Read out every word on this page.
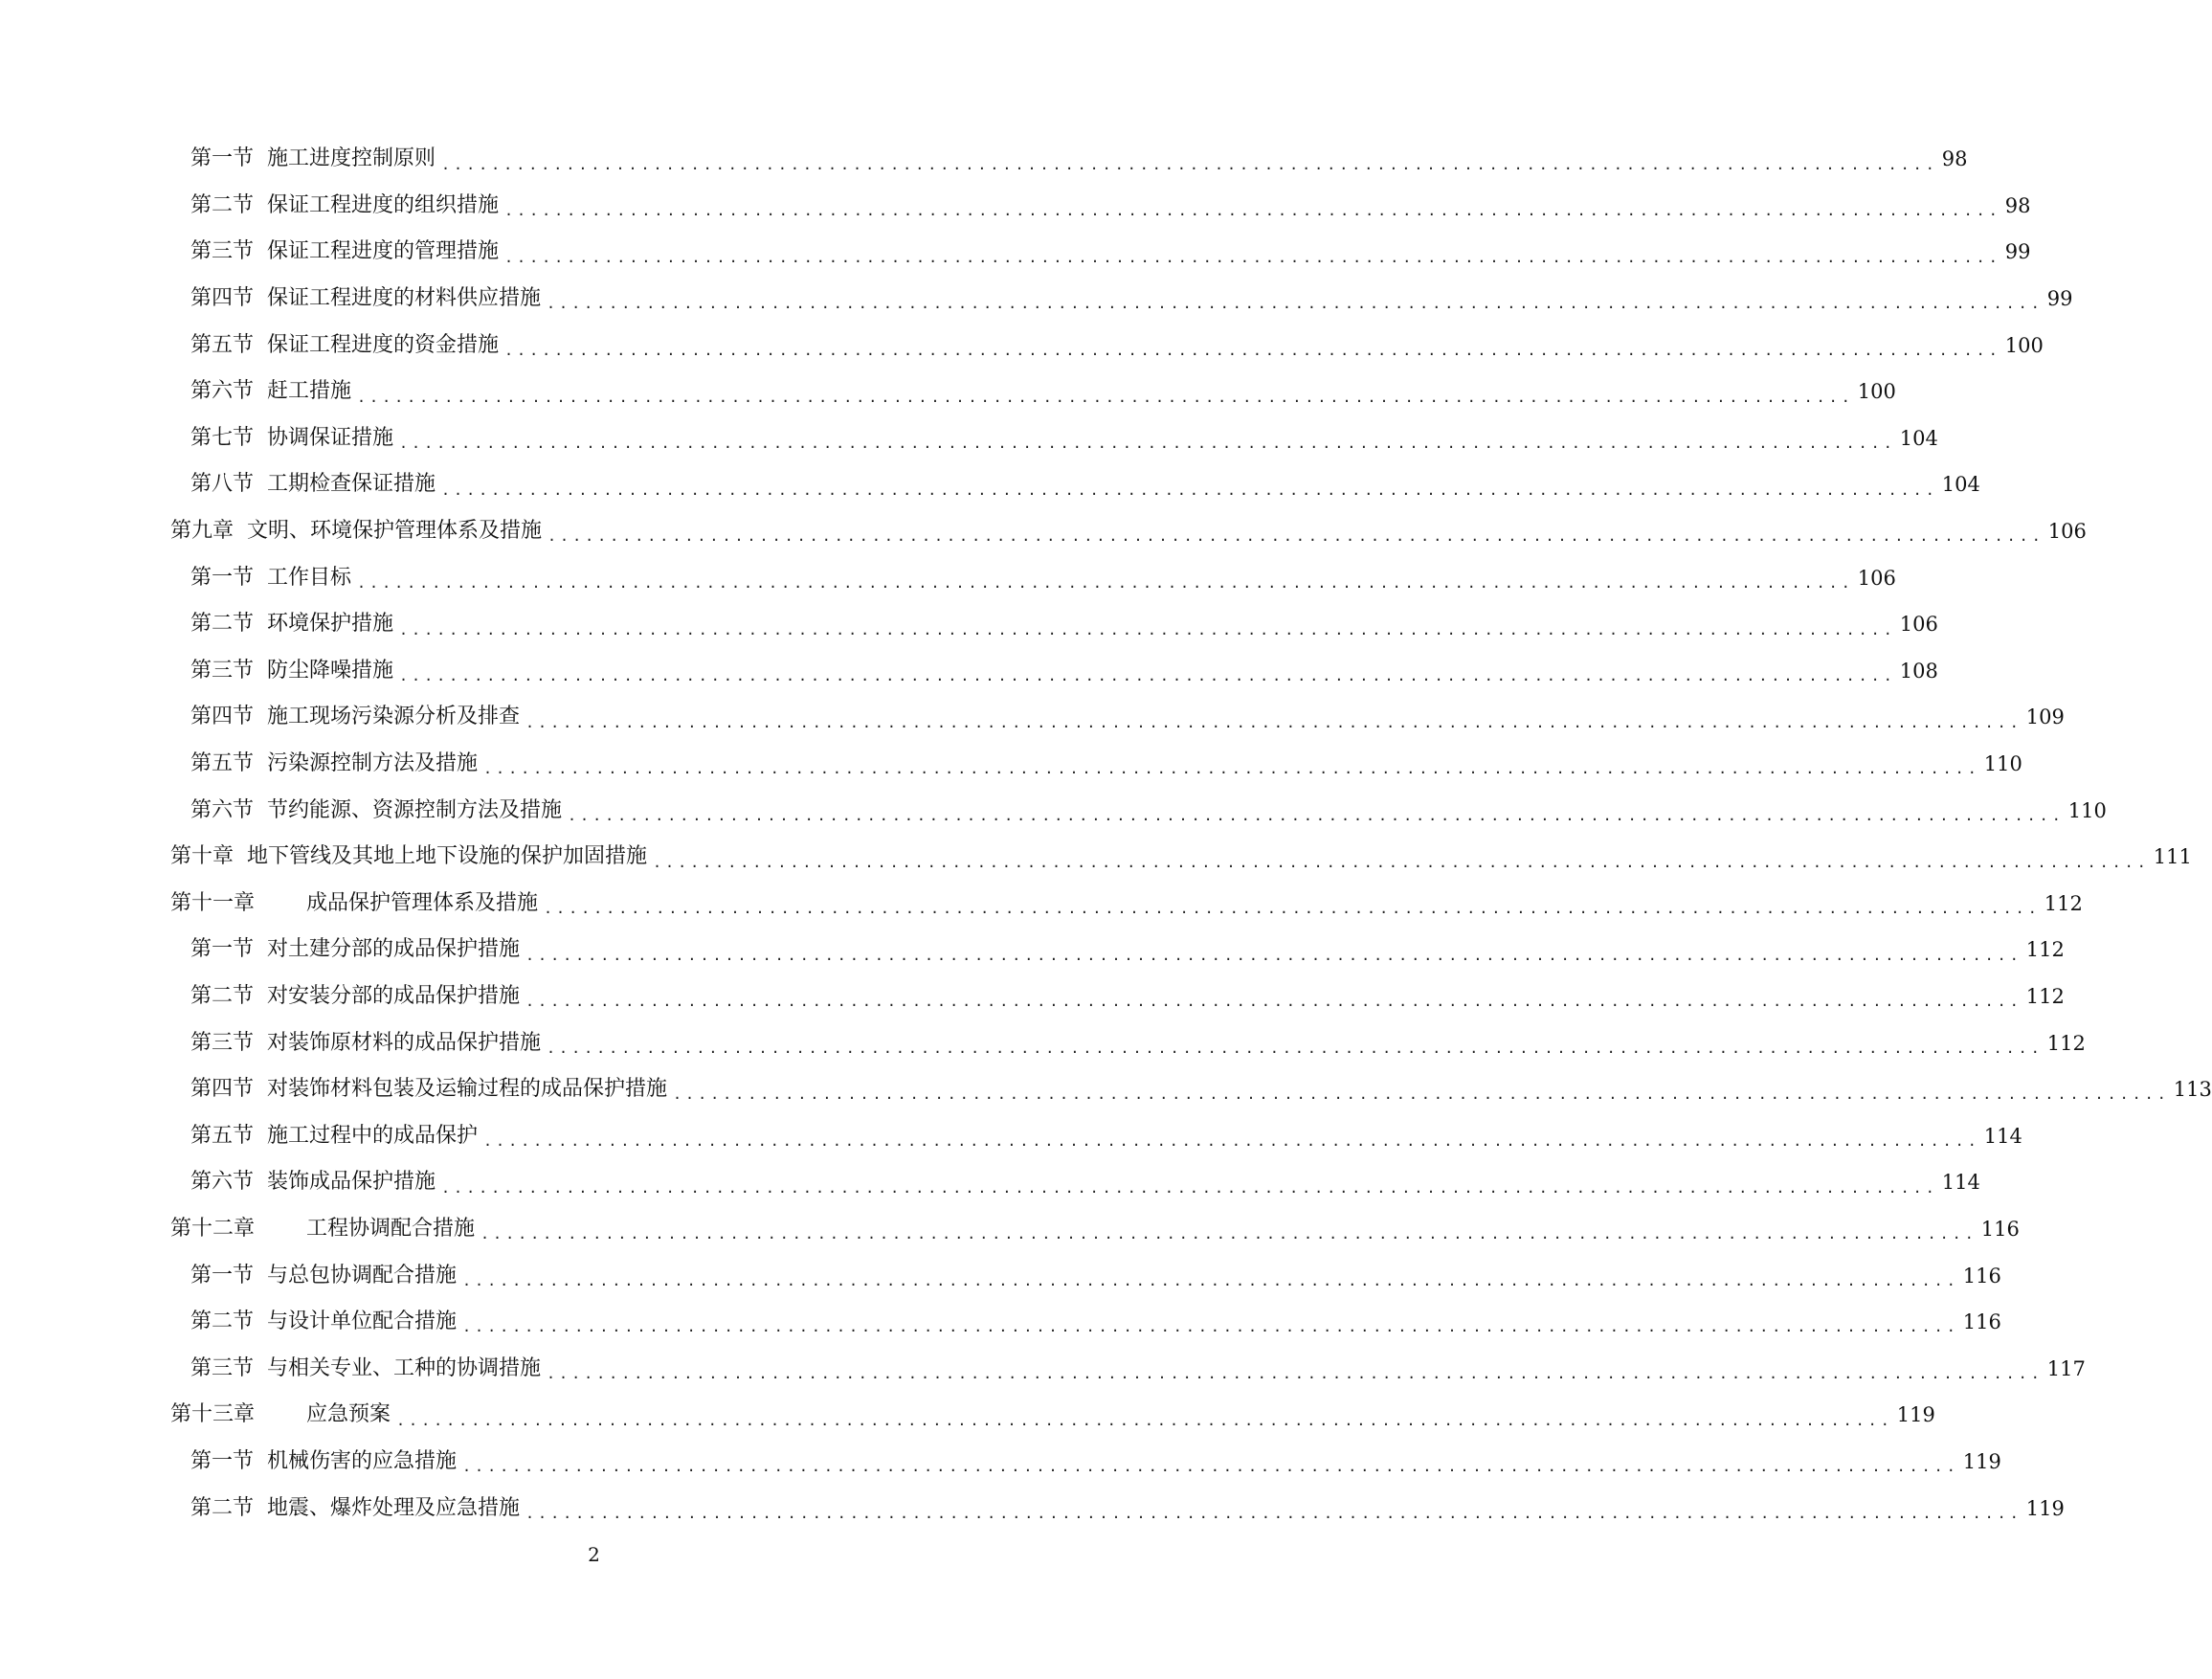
第一节 施工进度控制原则 ........................................................................................................................ 98
第二节 保证工程进度的组织措施 ........................................................................................................................ 98
第三节 保证工程进度的管理措施 ........................................................................................................................ 99
第四节 保证工程进度的材料供应措施 ........................................................................................................................ 99
第五节 保证工程进度的资金措施 ........................................................................................................................ 100
第六节 赶工措施 ........................................................................................................................ 100
第七节 协调保证措施 ........................................................................................................................ 104
第八节 工期检查保证措施 ........................................................................................................................ 104
第九章 文明、环境保护管理体系及措施 ........................................................................................................................ 106
第一节 工作目标 ........................................................................................................................ 106
第二节 环境保护措施 ........................................................................................................................ 106
第三节 防尘降噪措施 ........................................................................................................................ 108
第四节 施工现场污染源分析及排查 ........................................................................................................................ 109
第五节 污染源控制方法及措施 ........................................................................................................................ 110
第六节 节约能源、资源控制方法及措施 ........................................................................................................................ 110
第十章 地下管线及其地上地下设施的保护加固措施 ........................................................................................................................ 111
第十一章 成品保护管理体系及措施 ........................................................................................................................ 112
第一节 对土建分部的成品保护措施 ........................................................................................................................ 112
第二节 对安装分部的成品保护措施 ........................................................................................................................ 112
第三节 对装饰原材料的成品保护措施 ........................................................................................................................ 112
第四节 对装饰材料包装及运输过程的成品保护措施 ........................................................................................................................ 113
第五节 施工过程中的成品保护 ........................................................................................................................ 114
第六节 装饰成品保护措施 ........................................................................................................................ 114
第十二章 工程协调配合措施 ........................................................................................................................ 116
第一节 与总包协调配合措施 ........................................................................................................................ 116
第二节 与设计单位配合措施 ........................................................................................................................ 116
第三节 与相关专业、工种的协调措施 ........................................................................................................................ 117
第十三章 应急预案 ........................................................................................................................ 119
第一节 机械伤害的应急措施 ........................................................................................................................ 119
第二节 地震、爆炸处理及应急措施 ........................................................................................................................ 119
2
